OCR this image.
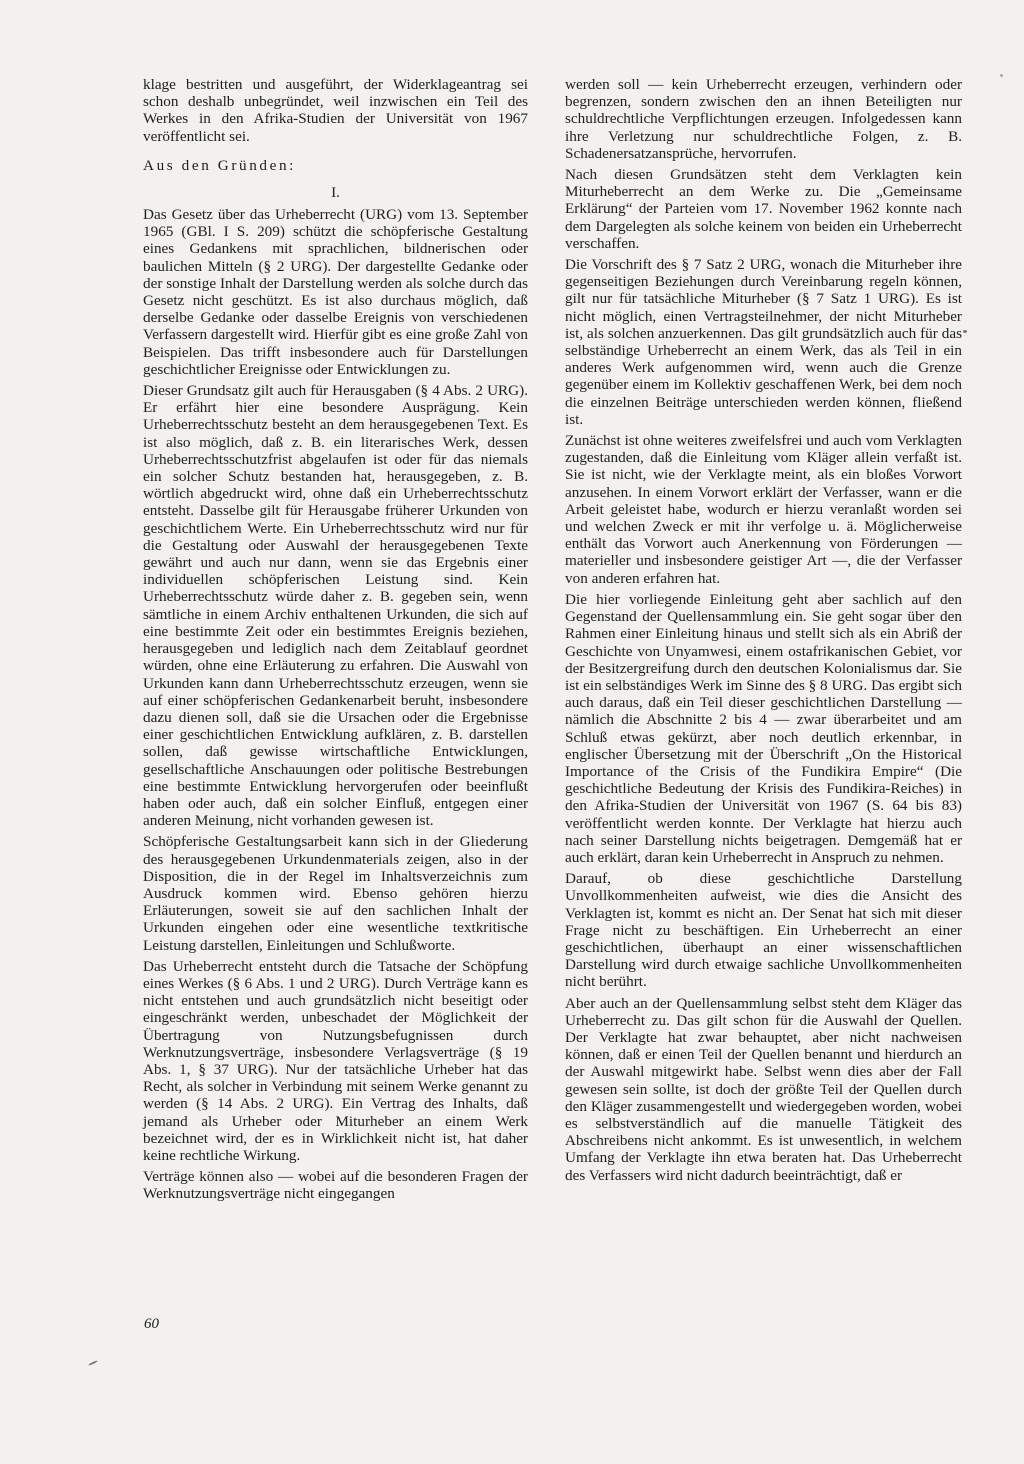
klage bestritten und ausgeführt, der Widerklageantrag sei schon deshalb unbegründet, weil inzwischen ein Teil des Werkes in den Afrika-Studien der Universität von 1967 veröffentlicht sei.

Aus den Gründen:

I.

Das Gesetz über das Urheberrecht (URG) vom 13. September 1965 (GBl. I S. 209) schützt die schöpferische Gestaltung eines Gedankens mit sprachlichen, bildnerischen oder baulichen Mitteln (§ 2 URG). Der dargestellte Gedanke oder der sonstige Inhalt der Darstellung werden als solche durch das Gesetz nicht geschützt. Es ist also durchaus möglich, daß derselbe Gedanke oder dasselbe Ereignis von verschiedenen Verfassern dargestellt wird. Hierfür gibt es eine große Zahl von Beispielen. Das trifft insbesondere auch für Darstellungen geschichtlicher Ereignisse oder Entwicklungen zu.

Dieser Grundsatz gilt auch für Herausgaben (§ 4 Abs. 2 URG). Er erfährt hier eine besondere Ausprägung. Kein Urheberrechtsschutz besteht an dem herausgegebenen Text. Es ist also möglich, daß z. B. ein literarisches Werk, dessen Urheberrechtsschutzfrist abgelaufen ist oder für das niemals ein solcher Schutz bestanden hat, herausgegeben, z. B. wörtlich abgedruckt wird, ohne daß ein Urheberrechtsschutz entsteht. Dasselbe gilt für Herausgabe früherer Urkunden von geschichtlichem Werte. Ein Urheberrechtsschutz wird nur für die Gestaltung oder Auswahl der herausgegebenen Texte gewährt und auch nur dann, wenn sie das Ergebnis einer individuellen schöpferischen Leistung sind. Kein Urheberrechtsschutz würde daher z. B. gegeben sein, wenn sämtliche in einem Archiv enthaltenen Urkunden, die sich auf eine bestimmte Zeit oder ein bestimmtes Ereignis beziehen, herausgegeben und lediglich nach dem Zeitablauf geordnet würden, ohne eine Erläuterung zu erfahren. Die Auswahl von Urkunden kann dann Urheberrechtsschutz erzeugen, wenn sie auf einer schöpferischen Gedankenarbeit beruht, insbesondere dazu dienen soll, daß sie die Ursachen oder die Ergebnisse einer geschichtlichen Entwicklung aufklären, z. B. darstellen sollen, daß gewisse wirtschaftliche Entwicklungen, gesellschaftliche Anschauungen oder politische Bestrebungen eine bestimmte Entwicklung hervorgerufen oder beeinflußt haben oder auch, daß ein solcher Einfluß, entgegen einer anderen Meinung, nicht vorhanden gewesen ist.

Schöpferische Gestaltungsarbeit kann sich in der Gliederung des herausgegebenen Urkundenmaterials zeigen, also in der Disposition, die in der Regel im Inhaltsverzeichnis zum Ausdruck kommen wird. Ebenso gehören hierzu Erläuterungen, soweit sie auf den sachlichen Inhalt der Urkunden eingehen oder eine wesentliche textkritische Leistung darstellen, Einleitungen und Schlußworte.

Das Urheberrecht entsteht durch die Tatsache der Schöpfung eines Werkes (§ 6 Abs. 1 und 2 URG). Durch Verträge kann es nicht entstehen und auch grundsätzlich nicht beseitigt oder eingeschränkt werden, unbeschadet der Möglichkeit der Übertragung von Nutzungsbefugnissen durch Werknutzungsverträge, insbesondere Verlagsverträge (§ 19 Abs. 1, § 37 URG). Nur der tatsächliche Urheber hat das Recht, als solcher in Verbindung mit seinem Werke genannt zu werden (§ 14 Abs. 2 URG). Ein Vertrag des Inhalts, daß jemand als Urheber oder Miturheber an einem Werk bezeichnet wird, der es in Wirklichkeit nicht ist, hat daher keine rechtliche Wirkung.

Verträge können also — wobei auf die besonderen Fragen der Werknutzungsverträge nicht eingegangen

werden soll — kein Urheberrecht erzeugen, verhindern oder begrenzen, sondern zwischen den an ihnen Beteiligten nur schuldrechtliche Verpflichtungen erzeugen. Infolgedessen kann ihre Verletzung nur schuldrechtliche Folgen, z. B. Schadenersatzansprüche, hervorrufen.

Nach diesen Grundsätzen steht dem Verklagten kein Miturheberrecht an dem Werke zu. Die „Gemeinsame Erklärung“ der Parteien vom 17. November 1962 konnte nach dem Dargelegten als solche keinem von beiden ein Urheberrecht verschaffen.

Die Vorschrift des § 7 Satz 2 URG, wonach die Miturheber ihre gegenseitigen Beziehungen durch Vereinbarung regeln können, gilt nur für tatsächliche Miturheber (§ 7 Satz 1 URG). Es ist nicht möglich, einen Vertragsteilnehmer, der nicht Miturheber ist, als solchen anzuerkennen. Das gilt grundsätzlich auch für das selbständige Urheberrecht an einem Werk, das als Teil in ein anderes Werk aufgenommen wird, wenn auch die Grenze gegenüber einem im Kollektiv geschaffenen Werk, bei dem noch die einzelnen Beiträge unterschieden werden können, fließend ist.

Zunächst ist ohne weiteres zweifelsfrei und auch vom Verklagten zugestanden, daß die Einleitung vom Kläger allein verfaßt ist. Sie ist nicht, wie der Verklagte meint, als ein bloßes Vorwort anzusehen. In einem Vorwort erklärt der Verfasser, wann er die Arbeit geleistet habe, wodurch er hierzu veranlaßt worden sei und welchen Zweck er mit ihr verfolge u. ä. Möglicherweise enthält das Vorwort auch Anerkennung von Förderungen — materieller und insbesondere geistiger Art —, die der Verfasser von anderen erfahren hat.

Die hier vorliegende Einleitung geht aber sachlich auf den Gegenstand der Quellensammlung ein. Sie geht sogar über den Rahmen einer Einleitung hinaus und stellt sich als ein Abriß der Geschichte von Unyamwesi, einem ostafrikanischen Gebiet, vor der Besitzergreifung durch den deutschen Kolonialismus dar. Sie ist ein selbständiges Werk im Sinne des § 8 URG. Das ergibt sich auch daraus, daß ein Teil dieser geschichtlichen Darstellung — nämlich die Abschnitte 2 bis 4 — zwar überarbeitet und am Schluß etwas gekürzt, aber noch deutlich erkennbar, in englischer Übersetzung mit der Überschrift „On the Historical Importance of the Crisis of the Fundikira Empire“ (Die geschichtliche Bedeutung der Krisis des Fundikira-Reiches) in den Afrika-Studien der Universität von 1967 (S. 64 bis 83) veröffentlicht werden konnte. Der Verklagte hat hierzu auch nach seiner Darstellung nichts beigetragen. Demgemäß hat er auch erklärt, daran kein Urheberrecht in Anspruch zu nehmen.

Darauf, ob diese geschichtliche Darstellung Unvollkommenheiten aufweist, wie dies die Ansicht des Verklagten ist, kommt es nicht an. Der Senat hat sich mit dieser Frage nicht zu beschäftigen. Ein Urheberrecht an einer geschichtlichen, überhaupt an einer wissenschaftlichen Darstellung wird durch etwaige sachliche Unvollkommenheiten nicht berührt.

Aber auch an der Quellensammlung selbst steht dem Kläger das Urheberrecht zu. Das gilt schon für die Auswahl der Quellen. Der Verklagte hat zwar behauptet, aber nicht nachweisen können, daß er einen Teil der Quellen benannt und hierdurch an der Auswahl mitgewirkt habe. Selbst wenn dies aber der Fall gewesen sein sollte, ist doch der größte Teil der Quellen durch den Kläger zusammengestellt und wiedergegeben worden, wobei es selbstverständlich auf die manuelle Tätigkeit des Abschreibens nicht ankommt. Es ist unwesentlich, in welchem Umfang der Verklagte ihn etwa beraten hat. Das Urheberrecht des Verfassers wird nicht dadurch beeinträchtigt, daß er

60
